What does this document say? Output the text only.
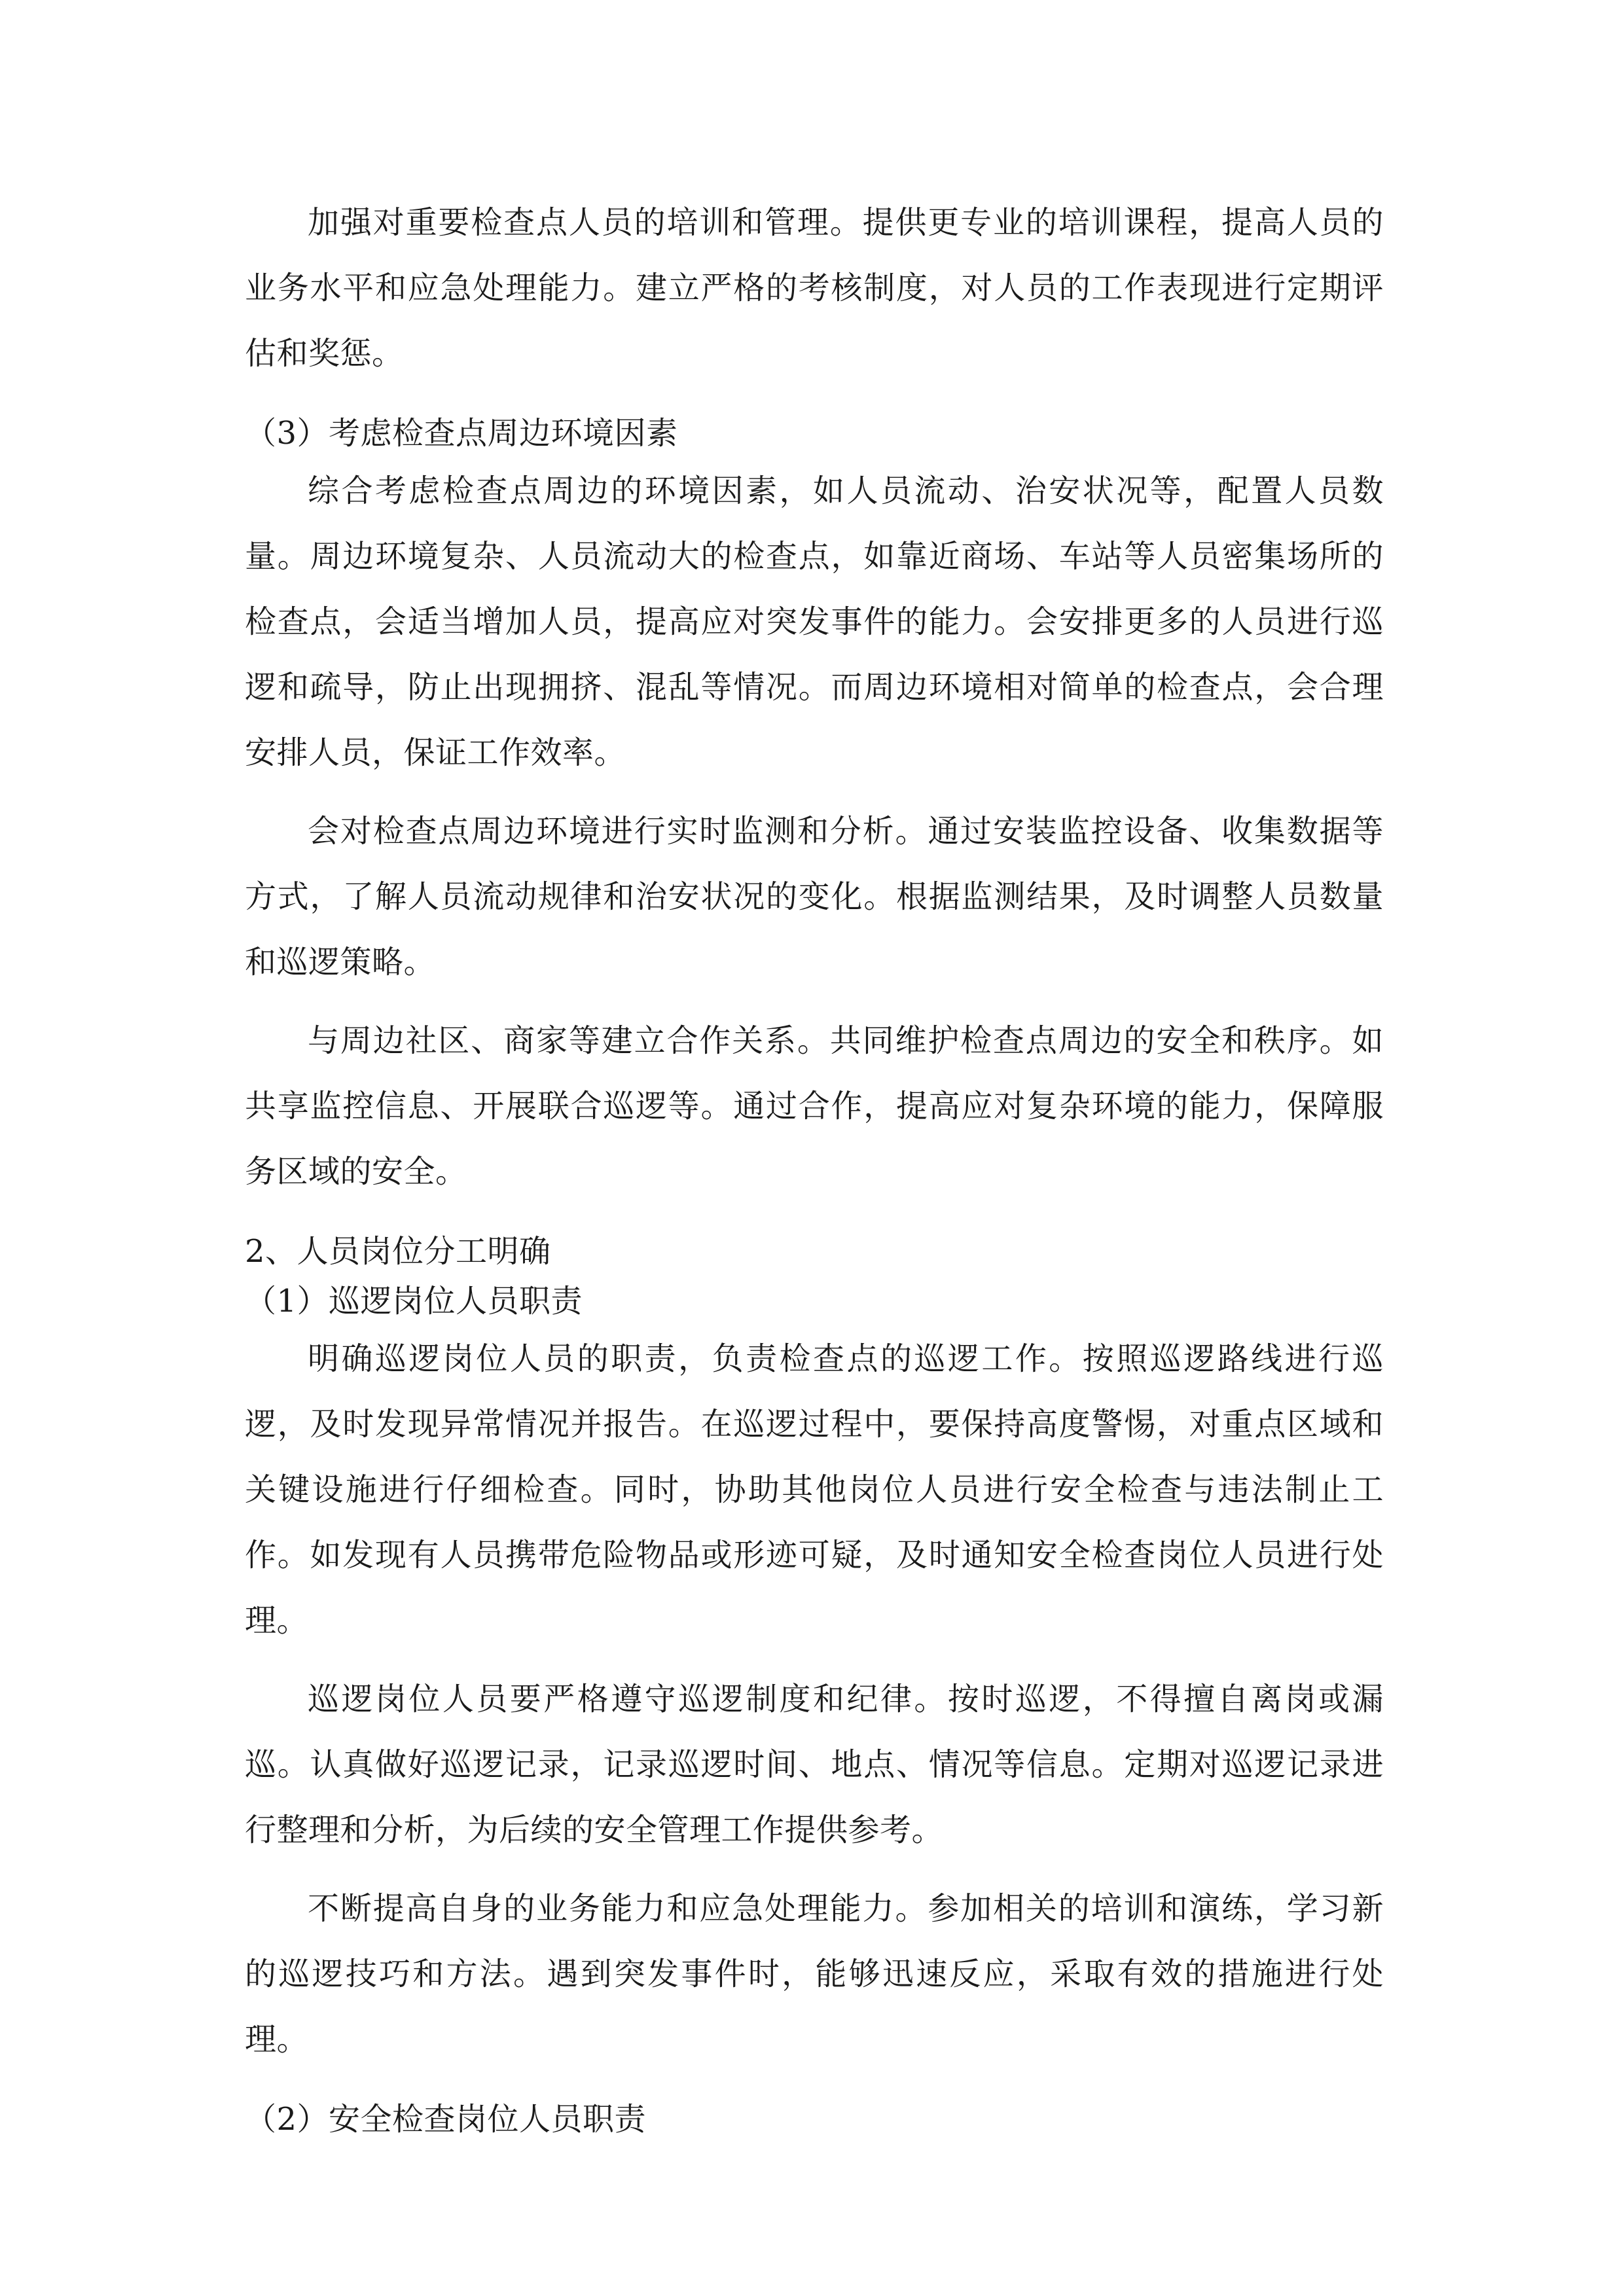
加强对重要检查点人员的培训和管理。提供更专业的培训课程，提高人员的业务水平和应急处理能力。建立严格的考核制度，对人员的工作表现进行定期评估和奖惩。

（3）考虑检查点周边环境因素

综合考虑检查点周边的环境因素，如人员流动、治安状况等，配置人员数量。周边环境复杂、人员流动大的检查点，如靠近商场、车站等人员密集场所的检查点，会适当增加人员，提高应对突发事件的能力。会安排更多的人员进行巡逻和疏导，防止出现拥挤、混乱等情况。而周边环境相对简单的检查点，会合理安排人员，保证工作效率。

会对检查点周边环境进行实时监测和分析。通过安装监控设备、收集数据等方式，了解人员流动规律和治安状况的变化。根据监测结果，及时调整人员数量和巡逻策略。

与周边社区、商家等建立合作关系。共同维护检查点周边的安全和秩序。如共享监控信息、开展联合巡逻等。通过合作，提高应对复杂环境的能力，保障服务区域的安全。

2、人员岗位分工明确

（1）巡逻岗位人员职责

明确巡逻岗位人员的职责，负责检查点的巡逻工作。按照巡逻路线进行巡逻，及时发现异常情况并报告。在巡逻过程中，要保持高度警惕，对重点区域和关键设施进行仔细检查。同时，协助其他岗位人员进行安全检查与违法制止工作。如发现有人员携带危险物品或形迹可疑，及时通知安全检查岗位人员进行处理。

巡逻岗位人员要严格遵守巡逻制度和纪律。按时巡逻，不得擅自离岗或漏巡。认真做好巡逻记录，记录巡逻时间、地点、情况等信息。定期对巡逻记录进行整理和分析，为后续的安全管理工作提供参考。

不断提高自身的业务能力和应急处理能力。参加相关的培训和演练，学习新的巡逻技巧和方法。遇到突发事件时，能够迅速反应，采取有效的措施进行处理。

（2）安全检查岗位人员职责
